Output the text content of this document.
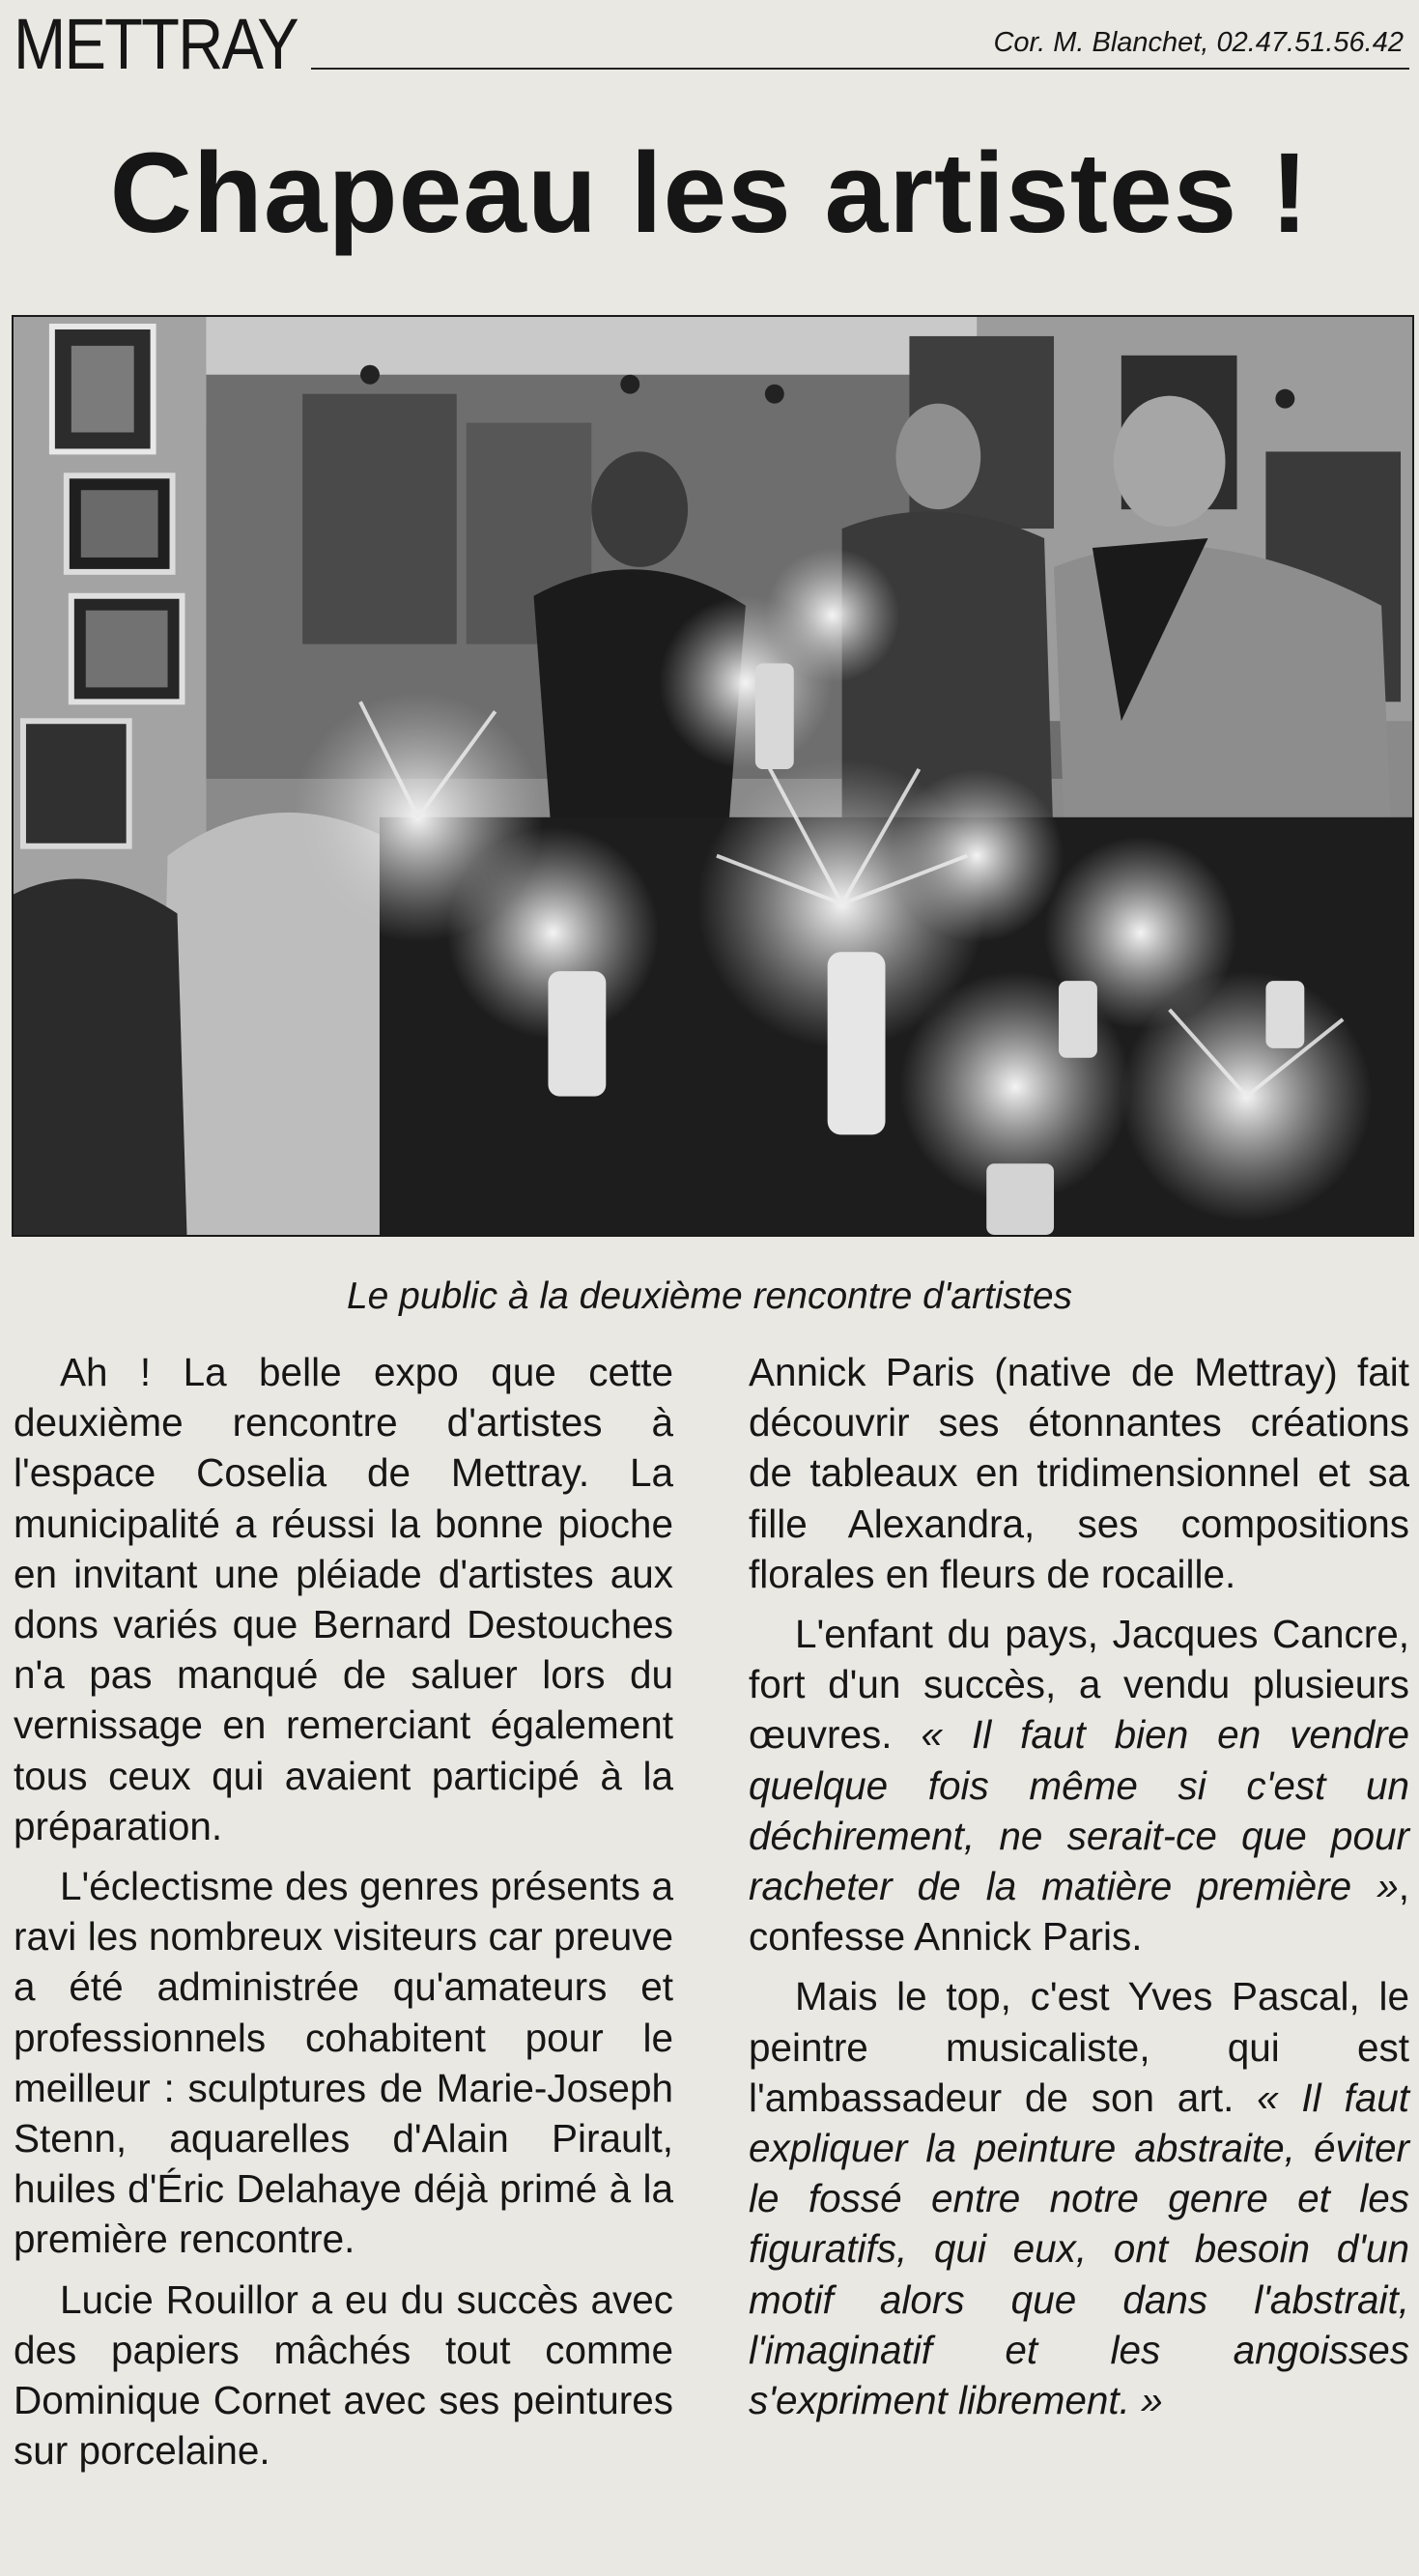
METTRAY	Cor. M. Blanchet, 02.47.51.56.42
Chapeau les artistes !
Le public à la deuxième rencontre d'artistes

Ah ! La belle expo que cette deuxième rencontre d'artistes à l'espace Coselia de Mettray. La municipalité a réussi la bonne pioche en invitant une pléiade d'artistes aux dons variés que Bernard Destouches n'a pas manqué de saluer lors du vernissage en remerciant également tous ceux qui avaient participé à la préparation.

L'éclectisme des genres présents a ravi les nombreux visiteurs car preuve a été administrée qu'amateurs et professionnels cohabitent pour le meilleur : sculptures de Marie-Joseph Stenn, aquarelles d'Alain Pirault, huiles d'Éric Delahaye déjà primé à la première rencontre.

Lucie Rouillor a eu du succès avec des papiers mâchés tout comme Dominique Cornet avec ses peintures sur porcelaine.

Annick Paris (native de Mettray) fait découvrir ses étonnantes créations de tableaux en tridimensionnel et sa fille Alexandra, ses compositions florales en fleurs de rocaille.

L'enfant du pays, Jacques Cancre, fort d'un succès, a vendu plusieurs œuvres. « Il faut bien en vendre quelque fois même si c'est un déchirement, ne serait-ce que pour racheter de la matière première », confesse Annick Paris.

Mais le top, c'est Yves Pascal, le peintre musicaliste, qui est l'ambassadeur de son art. « Il faut expliquer la peinture abstraite, éviter le fossé entre notre genre et les figuratifs, qui eux, ont besoin d'un motif alors que dans l'abstrait, l'imaginatif et les angoisses s'expriment librement. »
